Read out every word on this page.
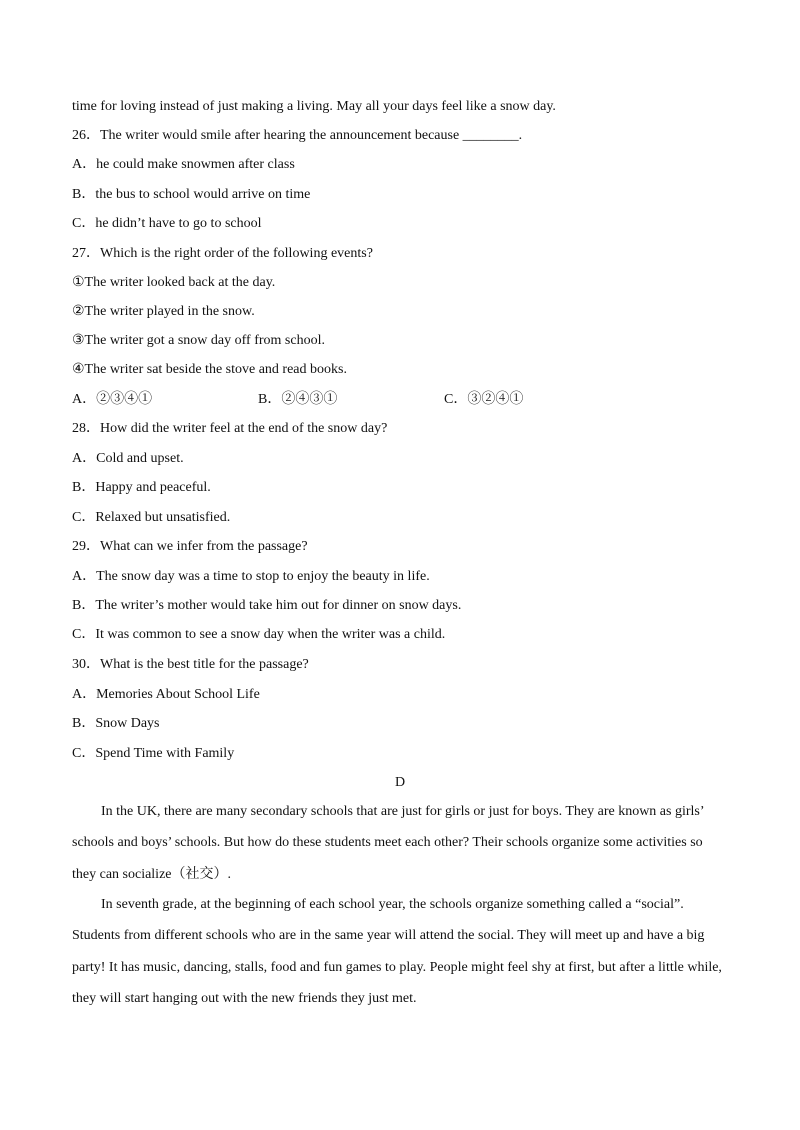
time for loving instead of just making a living. May all your days feel like a snow day.
26．The writer would smile after hearing the announcement because ________.
A．he could make snowmen after class
B．the bus to school would arrive on time
C．he didn’t have to go to school
27．Which is the right order of the following events?
①The writer looked back at the day.
②The writer played in the snow.
③The writer got a snow day off from school.
④The writer sat beside the stove and read books.
A．②③④①	B．②④③①	C．③②④①
28．How did the writer feel at the end of the snow day?
A．Cold and upset.
B．Happy and peaceful.
C．Relaxed but unsatisfied.
29．What can we infer from the passage?
A．The snow day was a time to stop to enjoy the beauty in life.
B．The writer’s mother would take him out for dinner on snow days.
C．It was common to see a snow day when the writer was a child.
30．What is the best title for the passage?
A．Memories About School Life
B．Snow Days
C．Spend Time with Family
D
In the UK, there are many secondary schools that are just for girls or just for boys. They are known as girls’
schools and boys’ schools. But how do these students meet each other? Their schools organize some activities so
they can socialize（社交）.
In seventh grade, at the beginning of each school year, the schools organize something called a “social”.
Students from different schools who are in the same year will attend the social. They will meet up and have a big
party! It has music, dancing, stalls, food and fun games to play. People might feel shy at first, but after a little while,
they will start hanging out with the new friends they just met.
